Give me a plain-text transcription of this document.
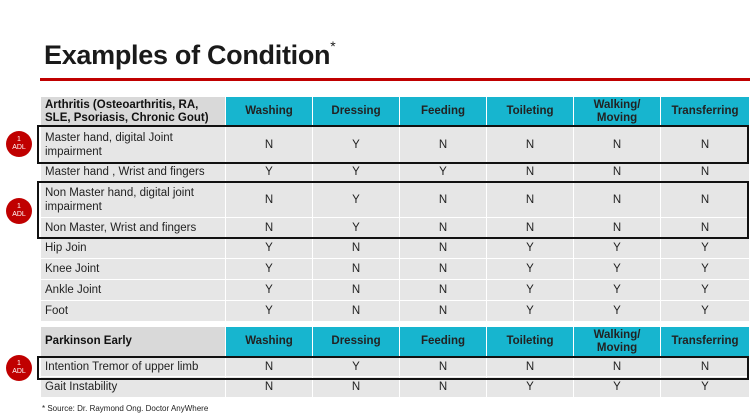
Examples of Condition*
Arthritis (Osteoarthritis, RA, SLE, Psoriasis, Chronic Gout)	Washing	Dressing	Feeding	Toileting	Walking/ Moving	Transferring
Master hand, digital Joint impairment	N	Y	N	N	N	N
Master hand , Wrist and fingers	Y	Y	Y	N	N	N
Non Master hand, digital joint impairment	N	Y	N	N	N	N
Non Master, Wrist and fingers	N	Y	N	N	N	N
Hip Join	Y	N	N	Y	Y	Y
Knee Joint	Y	N	N	Y	Y	Y
Ankle Joint	Y	N	N	Y	Y	Y
Foot	Y	N	N	Y	Y	Y
Parkinson Early	Washing	Dressing	Feeding	Toileting	Walking/ Moving	Transferring
Intention Tremor of upper limb	N	Y	N	N	N	N
Gait Instability	N	N	N	Y	Y	Y
1
ADL
1
ADL
1
ADL
* Source: Dr. Raymond Ong. Doctor AnyWhere
